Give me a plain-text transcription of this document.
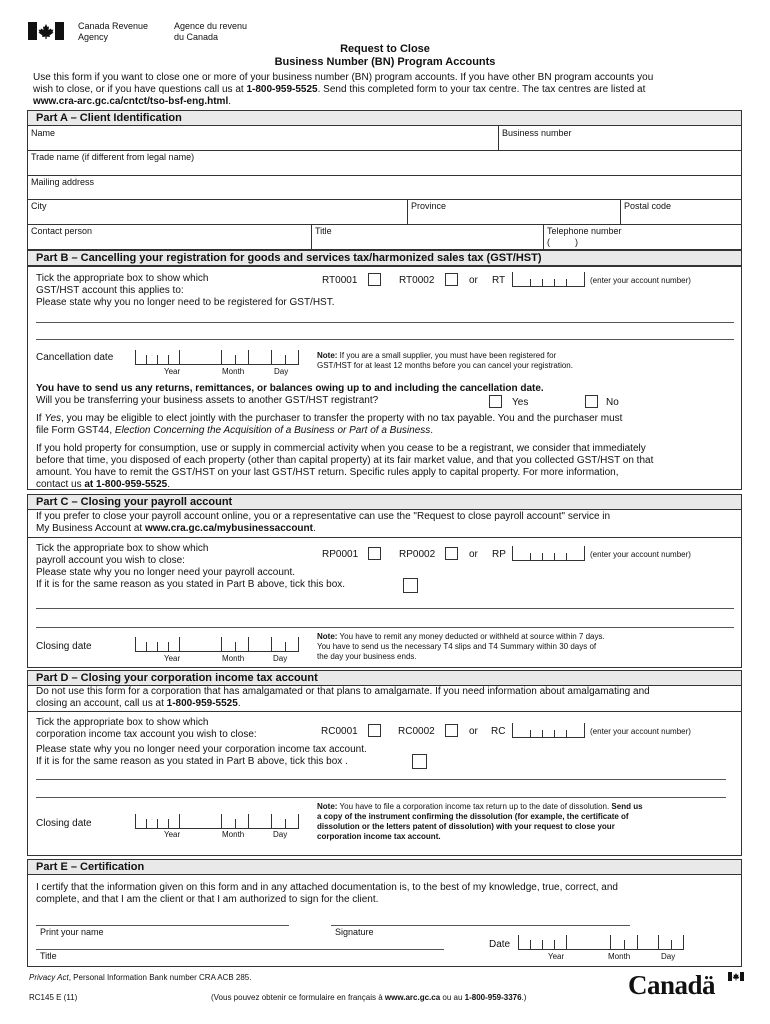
Canada Revenue
Agency
Agence du revenu
du Canada
Request to Close
Business Number (BN) Program Accounts
Use this form if you want to close one or more of your business number (BN) program accounts. If you have other BN program accounts you
wish to close, or if you have questions call us at 1-800-959-5525. Send this completed form to your tax centre. The tax centres are listed at
www.cra-arc.gc.ca/cntct/tso-bsf-eng.html.
Part A – Client Identification
Name	Business number
Trade name (if different from legal name)
Mailing address
City	Province	Postal code
Contact person	Title	Telephone number
(          )
Part B – Cancelling your registration for goods and services tax/harmonized sales tax (GST/HST)
Tick the appropriate box to show which
GST/HST account this applies to:
RT0001	RT0002	or RT	(enter your account number)
Please state why you no longer need to be registered for GST/HST.
Cancellation date
Year	Month	Day
Note: If you are a small supplier, you must have been registered for
GST/HST for at least 12 months before you can cancel your registration.
You have to send us any returns, remittances, or balances owing up to and including the cancellation date.
Will you be transferring your business assets to another GST/HST registrant?	Yes	No
If Yes, you may be eligible to elect jointly with the purchaser to transfer the property with no tax payable. You and the purchaser must
file Form GST44, Election Concerning the Acquisition of a Business or Part of a Business.
If you hold property for consumption, use or supply in commercial activity when you cease to be a registrant, we consider that immediately
before that time, you disposed of each property (other than capital property) at its fair market value, and that you collected GST/HST on that
amount. You have to remit the GST/HST on your last GST/HST return. Specific rules apply to capital property. For more information,
contact us at 1-800-959-5525.
Part C – Closing your payroll account
If you prefer to close your payroll account online, you or a representative can use the "Request to close payroll account" service in
My Business Account at www.cra.gc.ca/mybusinessaccount.
Tick the appropriate box to show which
payroll account you wish to close:
RP0001	RP0002	or RP	(enter your account number)
Please state why you no longer need your payroll account.
If it is for the same reason as you stated in Part B above, tick this box.
Closing date
Year	Month	Day
Note: You have to remit any money deducted or withheld at source within 7 days.
You have to send us the necessary T4 slips and T4 Summary within 30 days of
the day your business ends.
Part D – Closing your corporation income tax account
Do not use this form for a corporation that has amalgamated or that plans to amalgamate. If you need information about amalgamating and
closing an account, call us at 1-800-959-5525.
Tick the appropriate box to show which
corporation income tax account you wish to close:	RC0001	RC0002	or RC	(enter your account number)
Please state why you no longer need your corporation income tax account.
If it is for the same reason as you stated in Part B above, tick this box .
Closing date
Year	Month	Day
Note: You have to file a corporation income tax return up to the date of dissolution. Send us
a copy of the instrument confirming the dissolution (for example, the certificate of
dissolution or the letters patent of dissolution) with your request to close your
corporation income tax account.
Part E – Certification
I certify that the information given on this form and in any attached documentation is, to the best of my knowledge, true, correct, and
complete, and that I am the client or that I am authorized to sign for the client.
Print your name	Signature
Title
Date
Year	Month	Day
Privacy Act, Personal Information Bank number CRA ACB 285.
RC145 E (11)	(Vous pouvez obtenir ce formulaire en français à www.arc.gc.ca ou au 1-800-959-3376.)	Canadä
